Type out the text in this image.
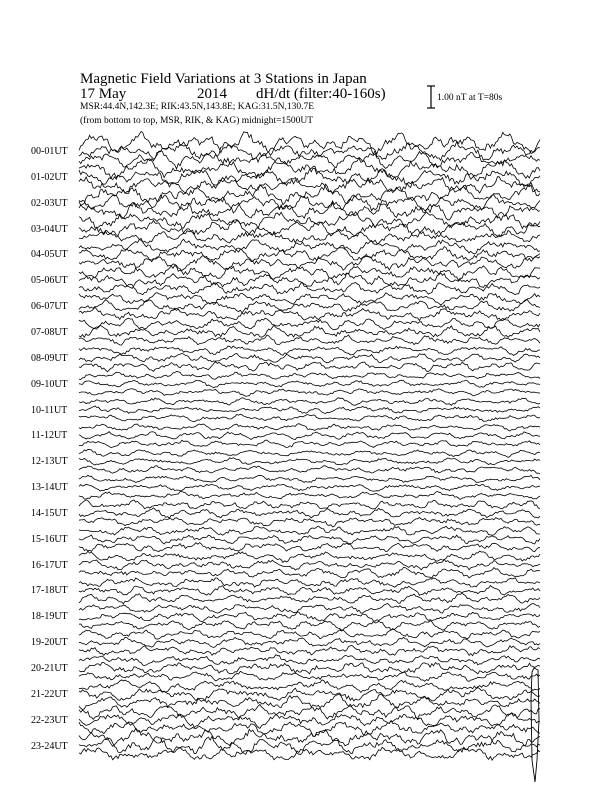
Magnetic Field Variations at 3 Stations in Japan
17 May	2014 dH/dt (filter:40-160s)
MSR:44.4N,142.3E; RIK:43.5N,143.8E; KAG:31.5N,130.7E
(from bottom to top, MSR, RIK, & KAG) midnight=1500UT
1.00 nT at T=80s
00-01UT
01-02UT
02-03UT
03-04UT
04-05UT
05-06UT
06-07UT
07-08UT
08-09UT
09-10UT
10-11UT
11-12UT
12-13UT
13-14UT
14-15UT
15-16UT
16-17UT
17-18UT
18-19UT
19-20UT
20-21UT
21-22UT
22-23UT
23-24UT
